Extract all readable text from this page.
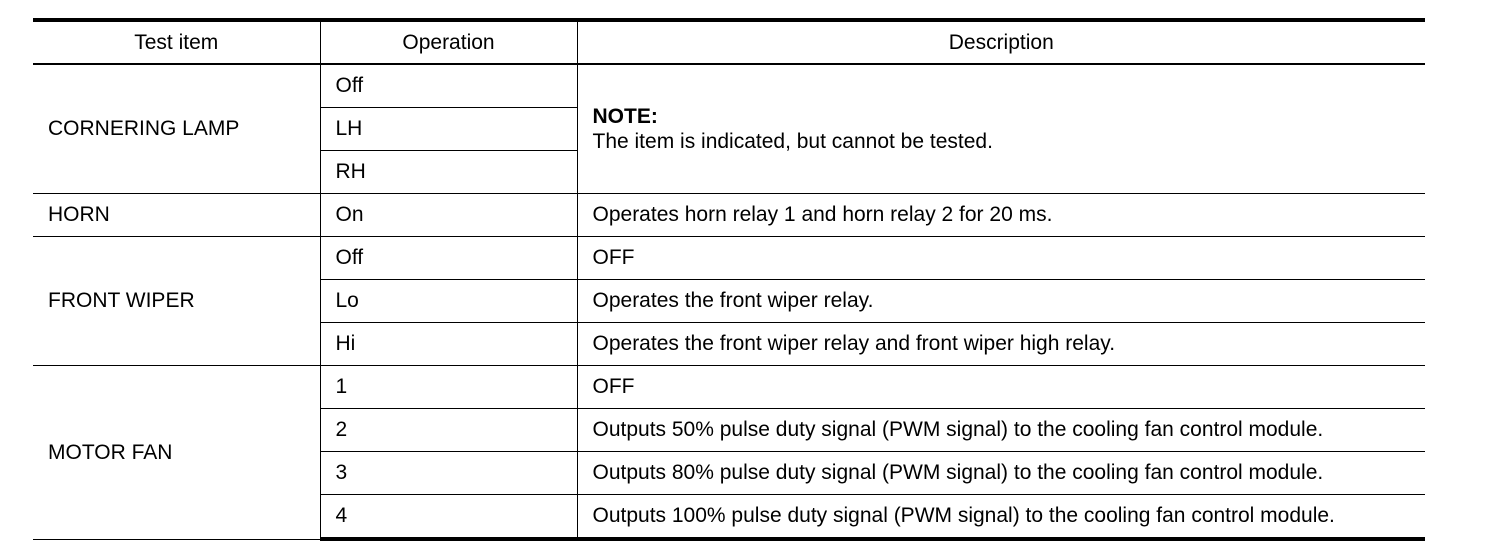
Test item	Operation	Description
CORNERING LAMP	Off	NOTE:
The item is indicated, but cannot be tested.

	LH	
	RH	
HORN	On	Operates horn relay 1 and horn relay 2 for 20 ms.
FRONT WIPER	Off	OFF
	Lo	Operates the front wiper relay.
	Hi	Operates the front wiper relay and front wiper high relay.
MOTOR FAN	1	OFF
	2	Outputs 50% pulse duty signal (PWM signal) to the cooling fan control module.
	3	Outputs 80% pulse duty signal (PWM signal) to the cooling fan control module.
	4	Outputs 100% pulse duty signal (PWM signal) to the cooling fan control module.
